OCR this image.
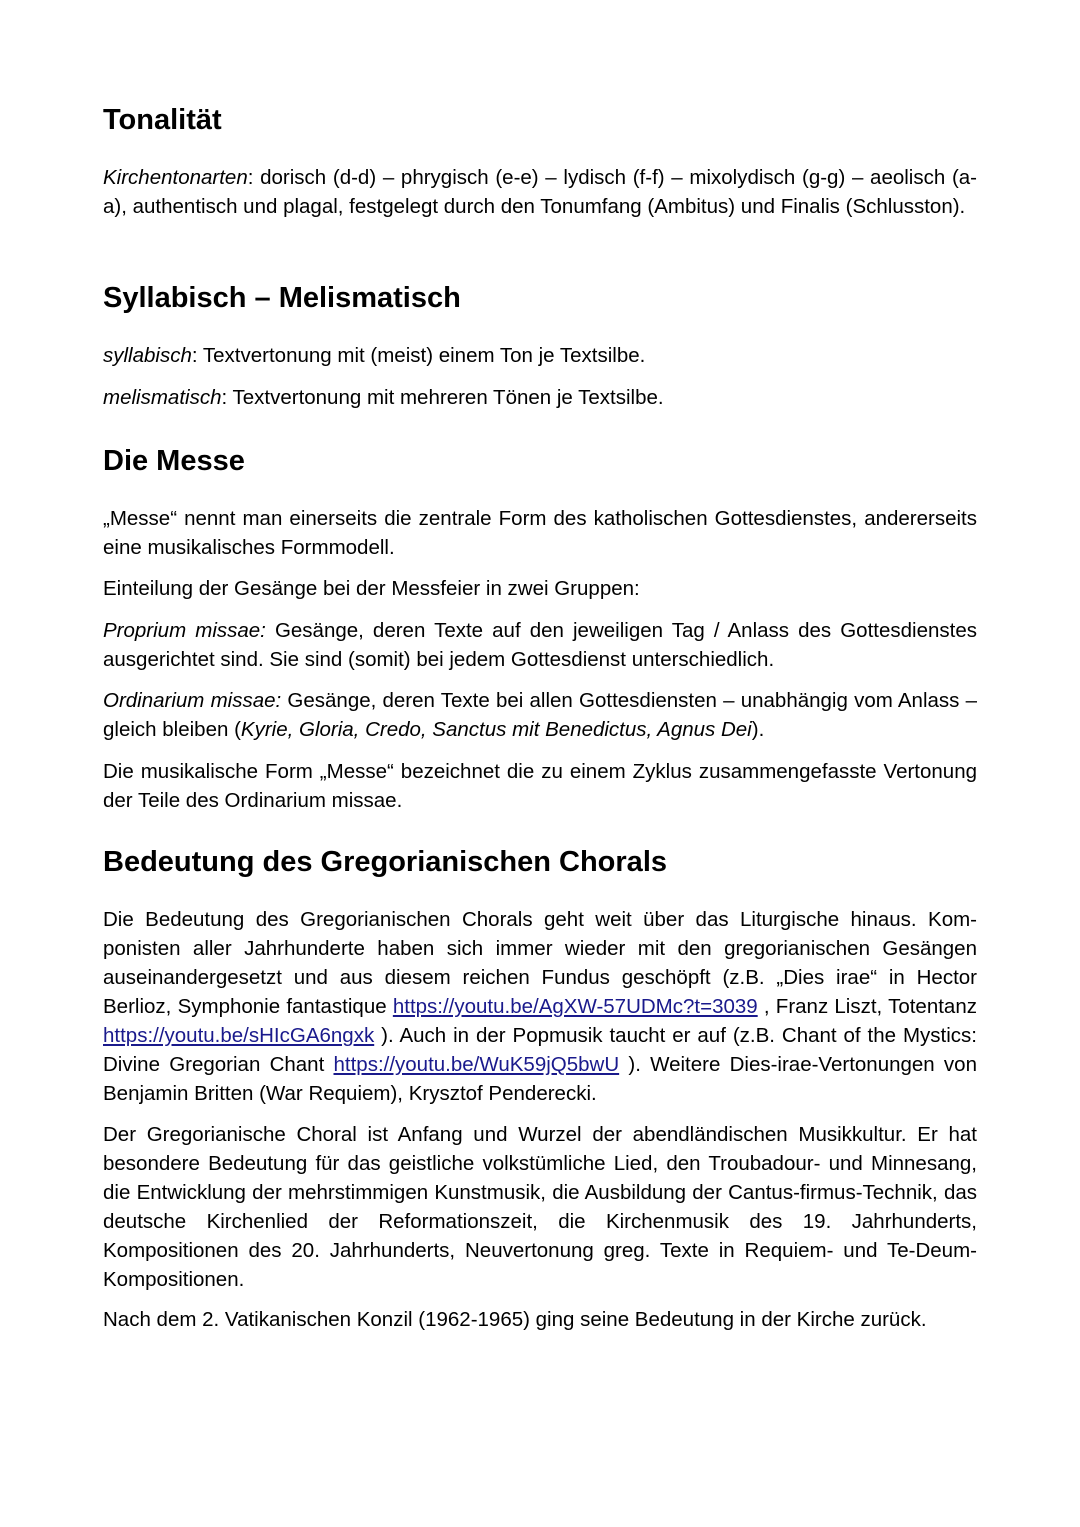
Tonalität

Kirchentonarten: dorisch (d-d) – phrygisch (e-e) – lydisch (f-f) – mixolydisch (g-g) – aeolisch (a-a), authentisch und plagal, festgelegt durch den Tonumfang (Ambitus) und Finalis (Schlusston).

Syllabisch – Melismatisch

syllabisch: Textvertonung mit (meist) einem Ton je Textsilbe.

melismatisch: Textvertonung mit mehreren Tönen je Textsilbe.

Die Messe

„Messe“ nennt man einerseits die zentrale Form des katholischen Gottesdienstes, andererseits eine musikalisches Formmodell.

Einteilung der Gesänge bei der Messfeier in zwei Gruppen:

Proprium missae: Gesänge, deren Texte auf den jeweiligen Tag / Anlass des Gottesdienstes ausgerichtet sind. Sie sind (somit) bei jedem Gottesdienst unterschiedlich.

Ordinarium missae: Gesänge, deren Texte bei allen Gottesdiensten – unabhängig vom Anlass – gleich bleiben (Kyrie, Gloria, Credo, Sanctus mit Benedictus, Agnus Dei).

Die musikalische Form „Messe“ bezeichnet die zu einem Zyklus zusammengefasste Vertonung der Teile des Ordinarium missae.

Bedeutung des Gregorianischen Chorals

Die Bedeutung des Gregorianischen Chorals geht weit über das Liturgische hinaus. Komponisten aller Jahrhunderte haben sich immer wieder mit den gregorianischen Gesängen auseinandergesetzt und aus diesem reichen Fundus geschöpft (z.B. „Dies irae“ in Hector Berlioz, Symphonie fantastique https://youtu.be/AgXW-57UDMc?t=3039 , Franz Liszt, Totentanz https://youtu.be/sHIcGA6ngxk ). Auch in der Popmusik taucht er auf (z.B. Chant of the Mystics: Divine Gregorian Chant https://youtu.be/WuK59jQ5bwU ). Weitere Dies-irae-Vertonungen von Benjamin Britten (War Requiem), Krysztof Penderecki.

Der Gregorianische Choral ist Anfang und Wurzel der abendländischen Musikkultur. Er hat besondere Bedeutung für das geistliche volkstümliche Lied, den Troubadour- und Minnesang, die Entwicklung der mehrstimmigen Kunstmusik, die Ausbildung der Cantus-firmus-Technik, das deutsche Kirchenlied der Reformationszeit, die Kirchenmusik des 19. Jahrhunderts, Kompositionen des 20. Jahrhunderts, Neuvertonung greg. Texte in Requiem- und Te-Deum-Kompositionen.

Nach dem 2. Vatikanischen Konzil (1962-1965) ging seine Bedeutung in der Kirche zurück.
